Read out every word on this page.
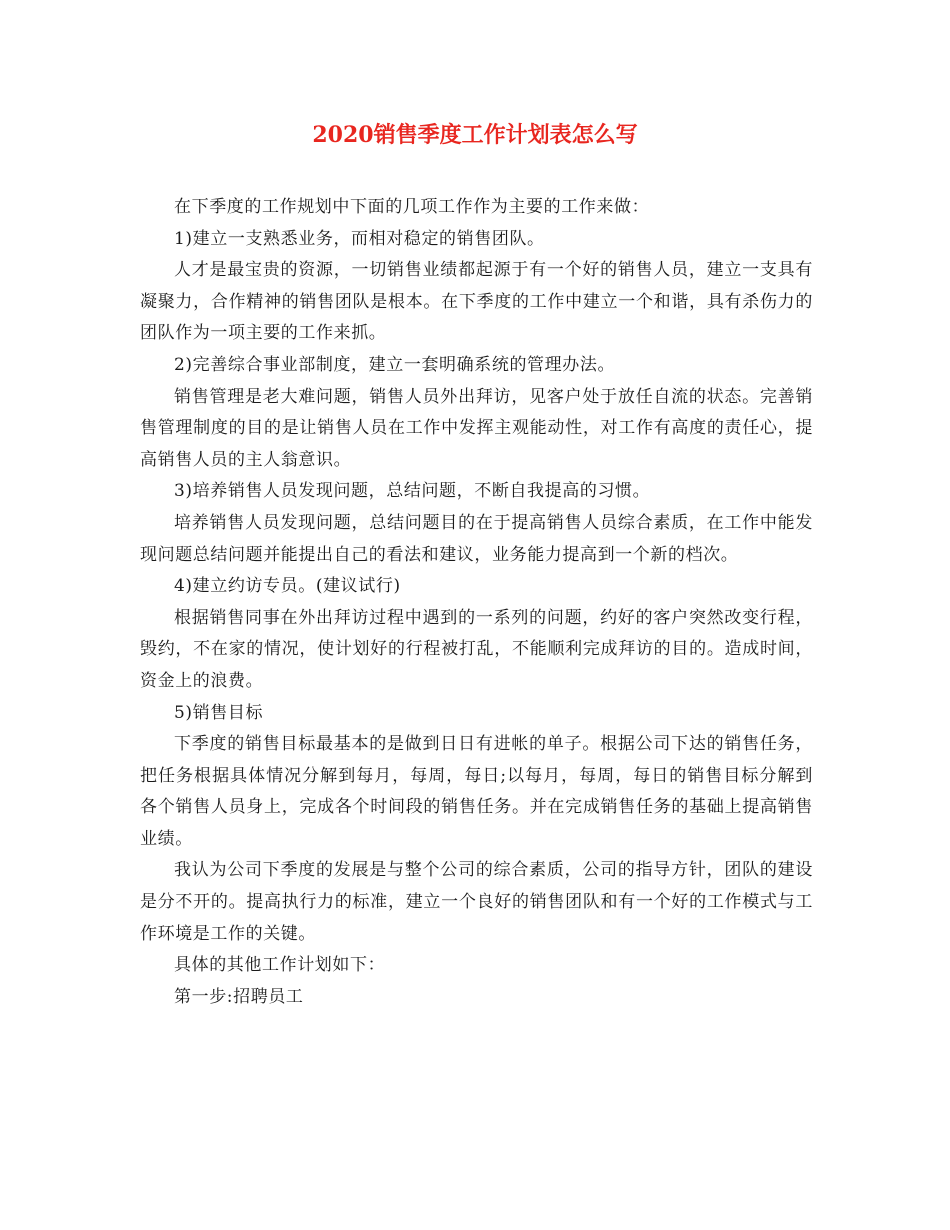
2020销售季度工作计划表怎么写

在下季度的工作规划中下面的几项工作作为主要的工作来做：

1)建立一支熟悉业务，而相对稳定的销售团队。

人才是最宝贵的资源，一切销售业绩都起源于有一个好的销售人员，建立一支具有凝聚力，合作精神的销售团队是根本。在下季度的工作中建立一个和谐，具有杀伤力的团队作为一项主要的工作来抓。

2)完善综合事业部制度，建立一套明确系统的管理办法。

销售管理是老大难问题，销售人员外出拜访，见客户处于放任自流的状态。完善销售管理制度的目的是让销售人员在工作中发挥主观能动性，对工作有高度的责任心，提高销售人员的主人翁意识。

3)培养销售人员发现问题，总结问题，不断自我提高的习惯。

培养销售人员发现问题，总结问题目的在于提高销售人员综合素质，在工作中能发现问题总结问题并能提出自己的看法和建议，业务能力提高到一个新的档次。

4)建立约访专员。(建议试行)

根据销售同事在外出拜访过程中遇到的一系列的问题，约好的客户突然改变行程，毁约，不在家的情况，使计划好的行程被打乱，不能顺利完成拜访的目的。造成时间，资金上的浪费。

5)销售目标

下季度的销售目标最基本的是做到日日有进帐的单子。根据公司下达的销售任务，把任务根据具体情况分解到每月，每周，每日;以每月，每周，每日的销售目标分解到各个销售人员身上，完成各个时间段的销售任务。并在完成销售任务的基础上提高销售业绩。

我认为公司下季度的发展是与整个公司的综合素质，公司的指导方针，团队的建设是分不开的。提高执行力的标准，建立一个良好的销售团队和有一个好的工作模式与工作环境是工作的关键。

具体的其他工作计划如下：

第一步:招聘员工
